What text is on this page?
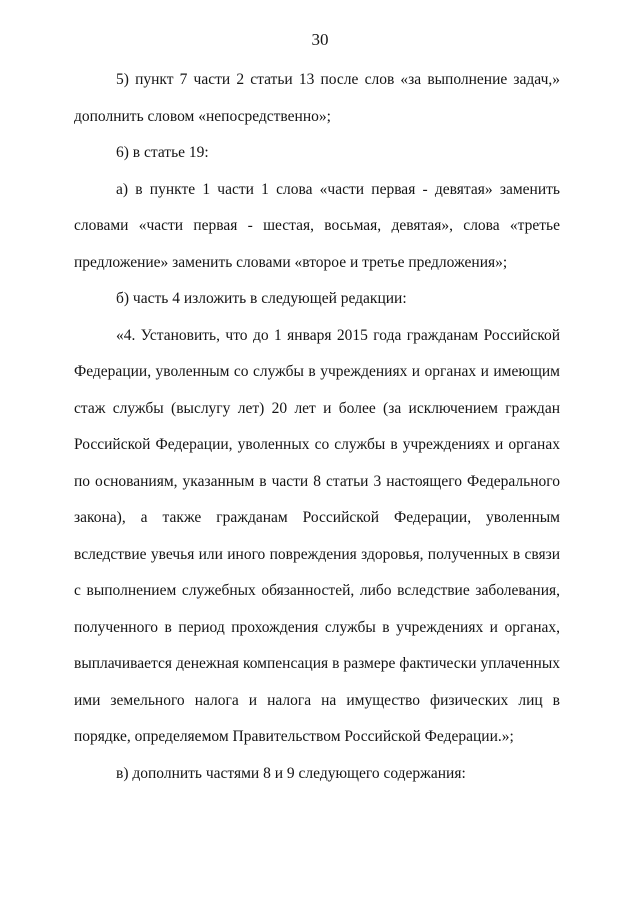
30

5) пункт 7 части 2 статьи 13 после слов «за выполнение задач,» дополнить словом «непосредственно»;

6) в статье 19:

а) в пункте 1 части 1 слова «части первая - девятая» заменить словами «части первая - шестая, восьмая, девятая», слова «третье предложение» заменить словами «второе и третье предложения»;

б) часть 4 изложить в следующей редакции:

«4. Установить, что до 1 января 2015 года гражданам Российской Федерации, уволенным со службы в учреждениях и органах и имеющим стаж службы (выслугу лет) 20 лет и более (за исключением граждан Российской Федерации, уволенных со службы в учреждениях и органах по основаниям, указанным в части 8 статьи 3 настоящего Федерального закона), а также гражданам Российской Федерации, уволенным вследствие увечья или иного повреждения здоровья, полученных в связи с выполнением служебных обязанностей, либо вследствие заболевания, полученного в период прохождения службы в учреждениях и органах, выплачивается денежная компенсация в размере фактически уплаченных ими земельного налога и налога на имущество физических лиц в порядке, определяемом Правительством Российской Федерации.»;

в) дополнить частями 8 и 9 следующего содержания:
